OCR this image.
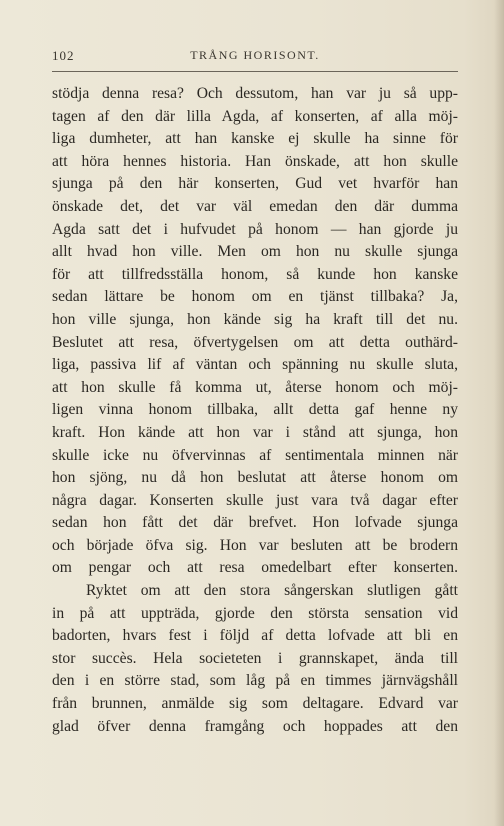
102	TRÅNG HORISONT.
stödja denna resa? Och dessutom, han var ju så upp-
tagen af den där lilla Agda, af konserten, af alla möj-
liga dumheter, att han kanske ej skulle ha sinne för
att höra hennes historia. Han önskade, att hon skulle
sjunga på den här konserten, Gud vet hvarför han
önskade det, det var väl emedan den där dumma
Agda satt det i hufvudet på honom — han gjorde ju
allt hvad hon ville. Men om hon nu skulle sjunga
för att tillfredsställa honom, så kunde hon kanske
sedan lättare be honom om en tjänst tillbaka? Ja,
hon ville sjunga, hon kände sig ha kraft till det nu.
Beslutet att resa, öfvertygelsen om att detta outhärd-
liga, passiva lif af väntan och spänning nu skulle sluta,
att hon skulle få komma ut, återse honom och möj-
ligen vinna honom tillbaka, allt detta gaf henne ny
kraft. Hon kände att hon var i stånd att sjunga, hon
skulle icke nu öfvervinnas af sentimentala minnen när
hon sjöng, nu då hon beslutat att återse honom om
några dagar. Konserten skulle just vara två dagar efter
sedan hon fått det där brefvet. Hon lofvade sjunga
och började öfva sig. Hon var besluten att be brodern
om pengar och att resa omedelbart efter konserten.
Ryktet om att den stora sångerskan slutligen gått
in på att uppträda, gjorde den största sensation vid
badorten, hvars fest i följd af detta lofvade att bli en
stor succès. Hela societeten i grannskapet, ända till
den i en större stad, som låg på en timmes järnvägshåll
från brunnen, anmälde sig som deltagare. Edvard var
glad öfver denna framgång och hoppades att den
